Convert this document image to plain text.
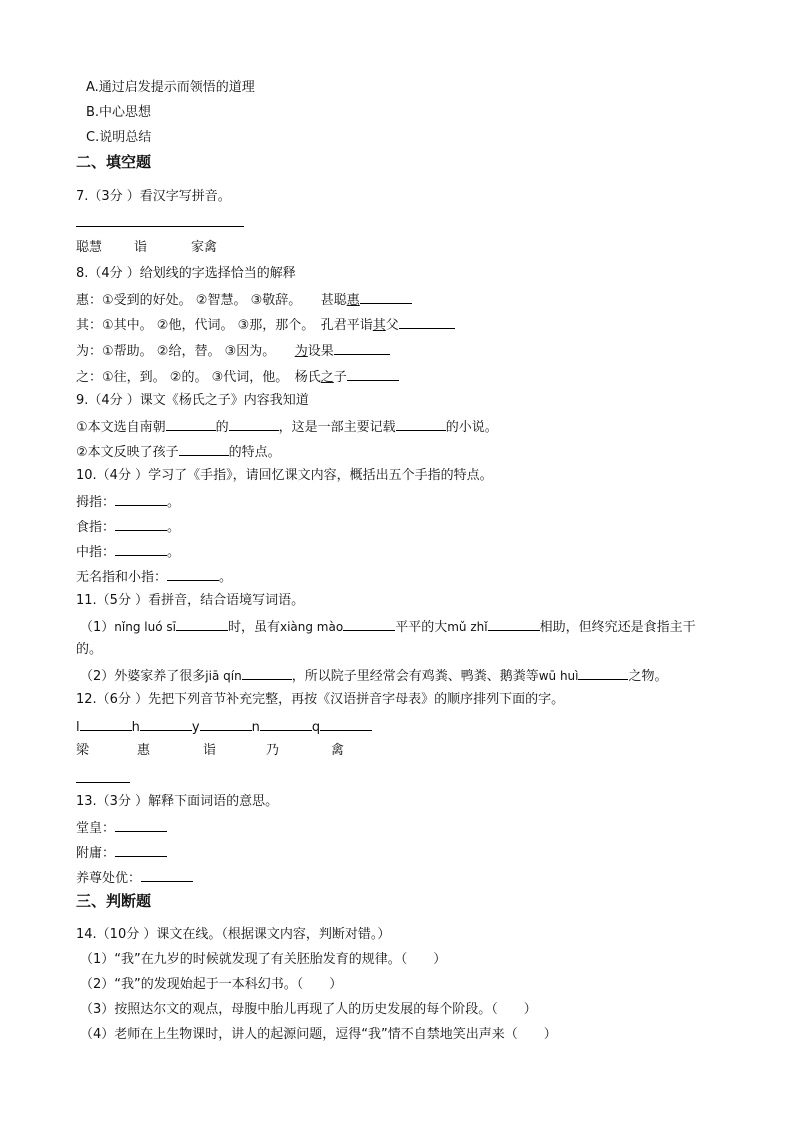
A.通过启发提示而领悟的道理
B.中心思想
C.说明总结
二、填空题
7.（3分 ）看汉字写拼音。
聪慧 诣	家禽
8.（4分 ）给划线的字选择恰当的解释
惠：①受到的好处。 ②智慧。 ③敬辞。　　 甚聪惠
其：①其中。 ②他，代词。 ③那，那个。　 孔君平诣其父
为：①帮助。 ②给，替。 ③因为。　　 为设果
之：①往，到。 ②的。 ③代词，他。　 杨氏之子
9.（4分 ）课文《杨氏之子》内容我知道
①本文选自南朝	的	，这是一部主要记载	的小说。
②本文反映了孩子	的特点。
10.（4分 ）学习了《手指》，请回忆课文内容，概括出五个手指的特点。
拇指：	。
食指：	。
中指：	。
无名指和小指：	。
11.（5分 ）看拼音，结合语境写词语。
（1）nǐng luó sī	时，虽有xiàng mào	平平的大mǔ zhǐ	相助，但终究还是食指主干
的。
（2）外婆家养了很多jiā qín	，所以院子里经常会有鸡粪、鸭粪、鹅粪等wū huì	之物。
12.（6分 ）先把下列音节补充完整，再按《汉语拼音字母表》的顺序排列下面的字。
l	h	y	n	q
梁	惠	诣	乃	禽
13.（3分 ）解释下面词语的意思。
堂皇：
附庸：
养尊处优：
三、判断题
14.（10分 ）课文在线。（根据课文内容，判断对错。）
（1）“我”在九岁的时候就发现了有关胚胎发育的规律。（　　）
（2）“我”的发现始起于一本科幻书。（　　）
（3）按照达尔文的观点，母腹中胎儿再现了人的历史发展的每个阶段。（　　）
（4）老师在上生物课时，讲人的起源问题，逗得“我”情不自禁地笑出声来（　　）
